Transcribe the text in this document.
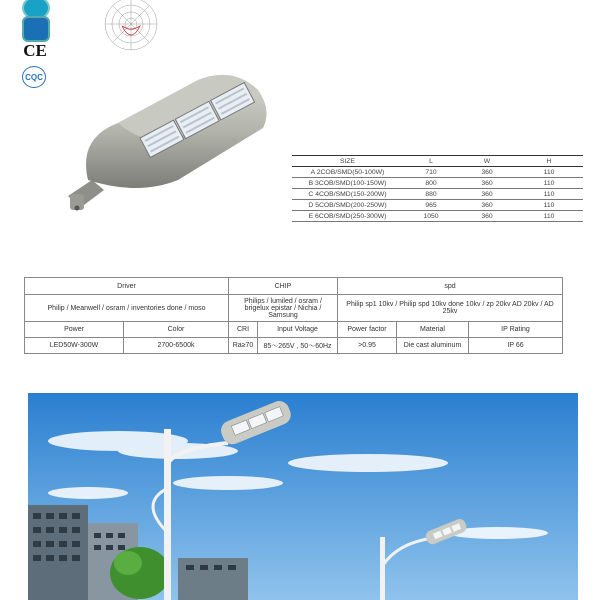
CE
CQC
SIZE	L	W	H
A 2COB/SMD(50-100W)	710	360	110
B 3COB/SMD(100-150W)	800	360	110
C 4COB/SMD(150-200W)	880	360	110
D 5COB/SMD(200-250W)	965	360	110
E 6COB/SMD(250-300W)	1050	360	110
Driver		CHIP		spd		
Philip / Meanwell / osram / inventories done / moso		Philips / lumiled / osram / brigelux epistar / Nichia / Samsung		Philip sp1 10kv / Philip spd 10kv done 10kv / zp 20kv AD 20kv / AD 25kv		
Power	Color	CRI	Input Voltage	Power factor	Material	IP Rating
LED50W-300W	2700-6500k	Ra≥70	85～265V , 50～60Hz	>0.95	Die cast aluminum	IP 66
